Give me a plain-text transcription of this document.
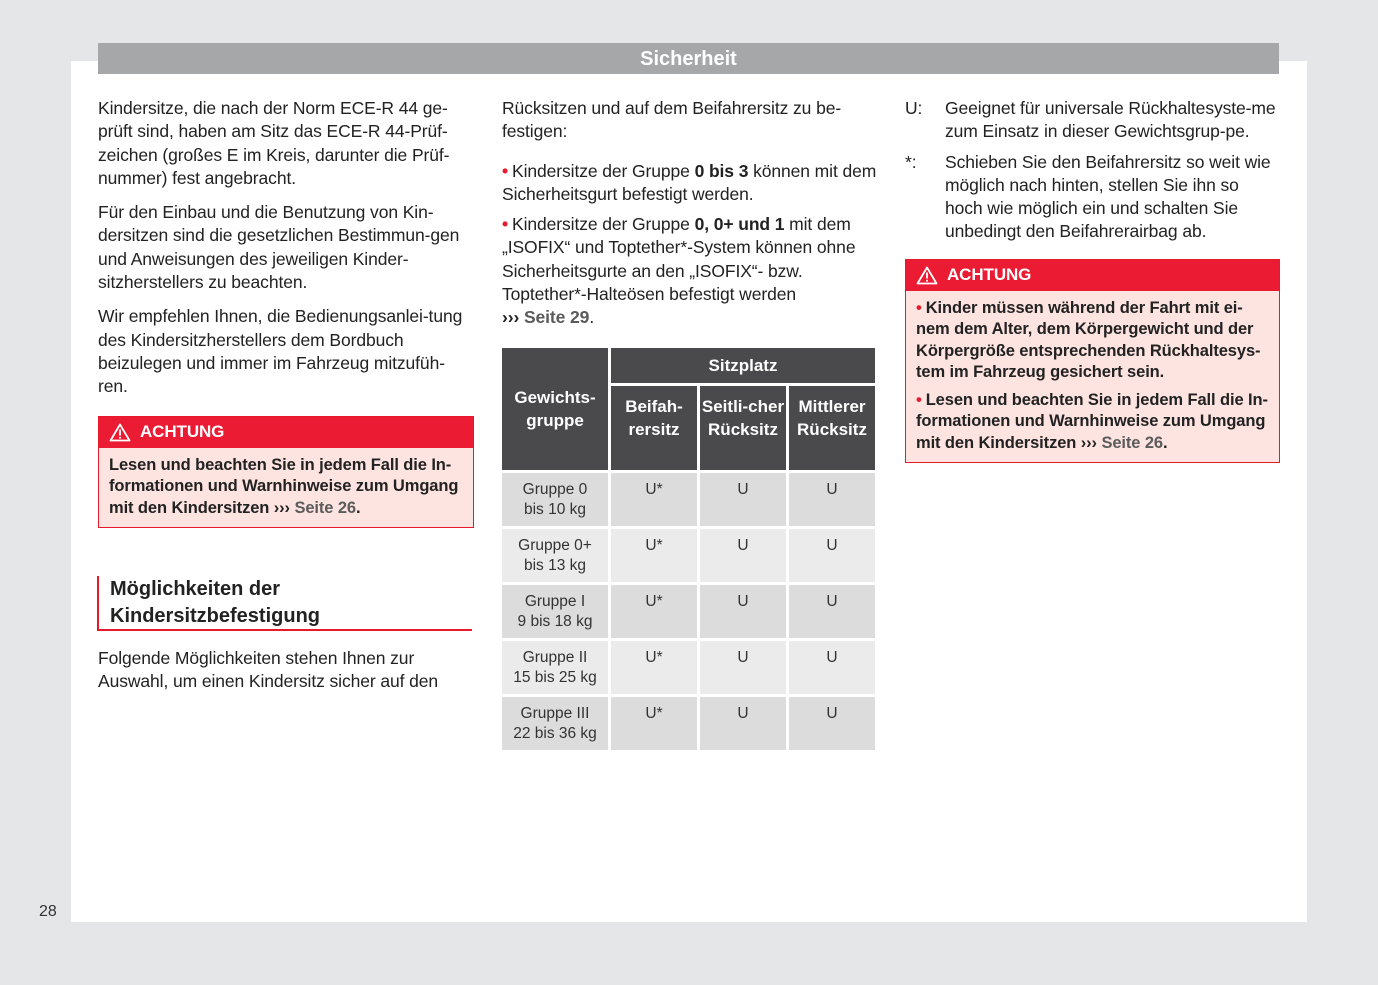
Sicherheit

Kindersitze, die nach der Norm ECE-R 44 ge-prüft sind, haben am Sitz das ECE-R 44-Prüf-zeichen (großes E im Kreis, darunter die Prüf-nummer) fest angebracht.

Für den Einbau und die Benutzung von Kin-dersitzen sind die gesetzlichen Bestimmun-gen und Anweisungen des jeweiligen Kinder-sitzherstellers zu beachten.

Wir empfehlen Ihnen, die Bedienungsanlei-tung des Kindersitzherstellers dem Bordbuch beizulegen und immer im Fahrzeug mitzufüh-ren.

ACHTUNG
Lesen und beachten Sie in jedem Fall die In-formationen und Warnhinweise zum Umgang mit den Kindersitzen ››› Seite 26.
Möglichkeiten der
Kindersitzbefestigung

Folgende Möglichkeiten stehen Ihnen zur Auswahl, um einen Kindersitz sicher auf den

Rücksitzen und auf dem Beifahrersitz zu be-festigen:

• Kindersitze der Gruppe 0 bis 3 können mit dem Sicherheitsgurt befestigt werden.

• Kindersitze der Gruppe 0, 0+ und 1 mit dem „ISOFIX“ und Toptether*-System können ohne Sicherheitsgurte an den „ISOFIX“- bzw. Toptether*-Halteösen befestigt werden
››› Seite 29.

Gewichts-gruppe	Sitzplatz		
	Beifah-rersitz	Seitli-cher Rücksitz	Mittlerer Rücksitz

Gruppe 0
bis 10 kg	U*	U	U

Gruppe 0+
bis 13 kg	U*	U	U

Gruppe I
9 bis 18 kg	U*	U	U

Gruppe II
15 bis 25 kg	U*	U	U

Gruppe III
22 bis 36 kg	U*	U	U
U:	Geeignet für universale Rückhaltesyste-me zum Einsatz in dieser Gewichtsgrup-pe.
*:	Schieben Sie den Beifahrersitz so weit wie möglich nach hinten, stellen Sie ihn so hoch wie möglich ein und schalten Sie unbedingt den Beifahrerairbag ab.
ACHTUNG

• Kinder müssen während der Fahrt mit ei-nem dem Alter, dem Körpergewicht und der Körpergröße entsprechenden Rückhaltesys-tem im Fahrzeug gesichert sein.

• Lesen und beachten Sie in jedem Fall die In-formationen und Warnhinweise zum Umgang mit den Kindersitzen ››› Seite 26.

28
